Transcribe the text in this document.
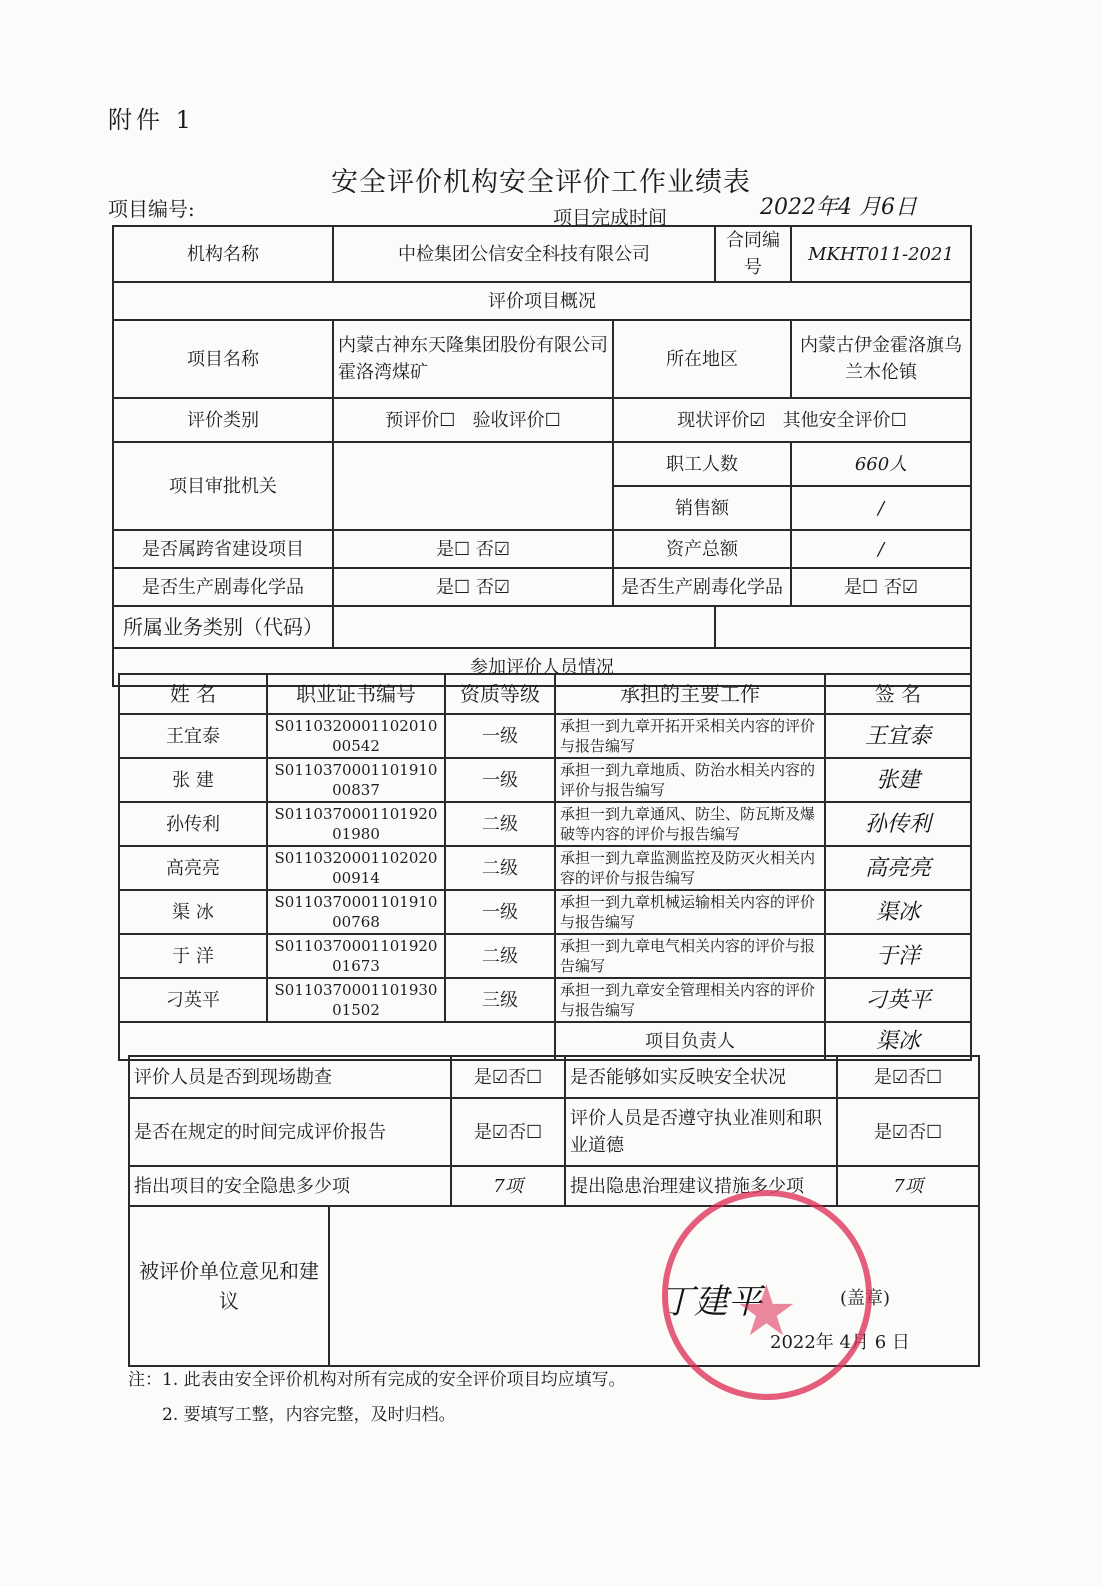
附件 1
安全评价机构安全评价工作业绩表
项目编号:	项目完成时间	2022年4 月6日
机构名称	中检集团公信安全科技有限公司		合同编号	MKHT011-2021
评价项目概况				
项目名称	内蒙古神东天隆集团股份有限公司霍洛湾煤矿	所在地区		内蒙古伊金霍洛旗乌兰木伦镇
评价类别	预评价☐ 验收评价☐	现状评价☑ 其他安全评价☐		
项目审批机关		职工人数		660人
		销售额		/
是否属跨省建设项目	是☐ 否☑	资产总额		/
是否生产剧毒化学品	是☐ 否☑	是否生产剧毒化学品		是☐ 否☑
所属业务类别（代码）				
参加评价人员情况				
姓 名	职业证书编号	资质等级	承担的主要工作	签 名
王宜泰	S011032000110201000542	一级	承担一到九章开拓开采相关内容的评价与报告编写	王宜泰
张 建	S011037000110191000837	一级	承担一到九章地质、防治水相关内容的评价与报告编写	张建
孙传利	S011037000110192001980	二级	承担一到九章通风、防尘、防瓦斯及爆破等内容的评价与报告编写	孙传利
高亮亮	S011032000110202000914	二级	承担一到九章监测监控及防灭火相关内容的评价与报告编写	高亮亮
渠 冰	S011037000110191000768	一级	承担一到九章机械运输相关内容的评价与报告编写	渠冰
于 洋	S011037000110192001673	二级	承担一到九章电气相关内容的评价与报告编写	于洋
刁英平	S011037000110193001502	三级	承担一到九章安全管理相关内容的评价与报告编写	刁英平
			项目负责人	渠冰
评价人员是否到现场勘查		是☑否☐	是否能够如实反映安全状况	是☑否☐
是否在规定的时间完成评价报告		是☑否☐	评价人员是否遵守执业准则和职业道德	是☑否☐
指出项目的安全隐患多少项		7项	提出隐患治理建议措施多少项	7项
被评价单位意见和建议	丁建平 (盖章)
2022年 4月 6 日			
★
注：1. 此表由安全评价机构对所有完成的安全评价项目均应填写。
2. 要填写工整，内容完整，及时归档。
